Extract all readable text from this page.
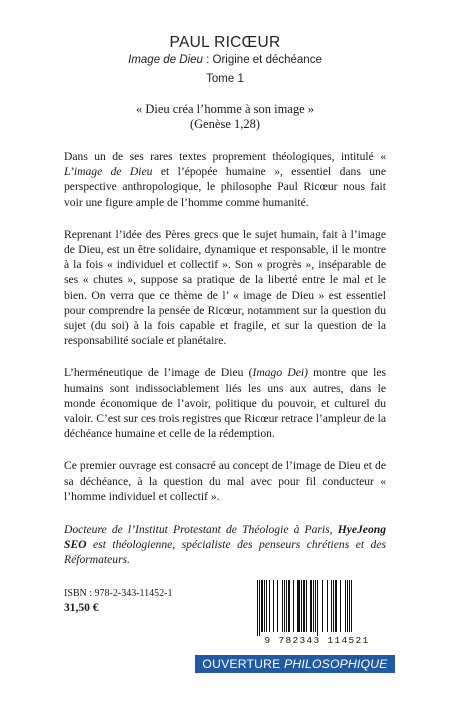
PAUL RICŒUR
Image de Dieu : Origine et déchéance
Tome 1
« Dieu créa l’homme à son image »
(Genèse 1,28)

Dans un de ses rares textes proprement théologiques, intitulé « L’image de Dieu et l’épopée humaine », essentiel dans une perspective anthropologique, le philosophe Paul Ricœur nous fait voir une figure ample de l’homme comme humanité.

Reprenant l’idée des Pères grecs que le sujet humain, fait à l’image de Dieu, est un être solidaire, dynamique et responsable, il le montre à la fois « individuel et collectif ». Son « progrès », inséparable de ses « chutes », suppose sa pratique de la liberté entre le mal et le bien. On verra que ce thème de l’ « image de Dieu » est essentiel pour comprendre la pensée de Ricœur, notamment sur la question du sujet (du soi) à la fois capable et fragile, et sur la question de la responsabilité sociale et planétaire.

L’herméneutique de l’image de Dieu (Imago Dei) montre que les humains sont indissociablement liés les uns aux autres, dans le monde économique de l’avoir, politique du pouvoir, et culturel du valoir. C’est sur ces trois registres que Ricœur retrace l’ampleur de la déchéance humaine et celle de la rédemption.

Ce premier ouvrage est consacré au concept de l’image de Dieu et de sa déchéance, à la question du mal avec pour fil conducteur « l’homme individuel et collectif ».

Docteure de l’Institut Protestant de Théologie à Paris, HyeJeong SEO est théologienne, spécialiste des penseurs chrétiens et des Réformateurs.
ISBN : 978-2-343-11452-1
31,50 €
9 782343 114521
OUVERTURE PHILOSOPHIQUE
